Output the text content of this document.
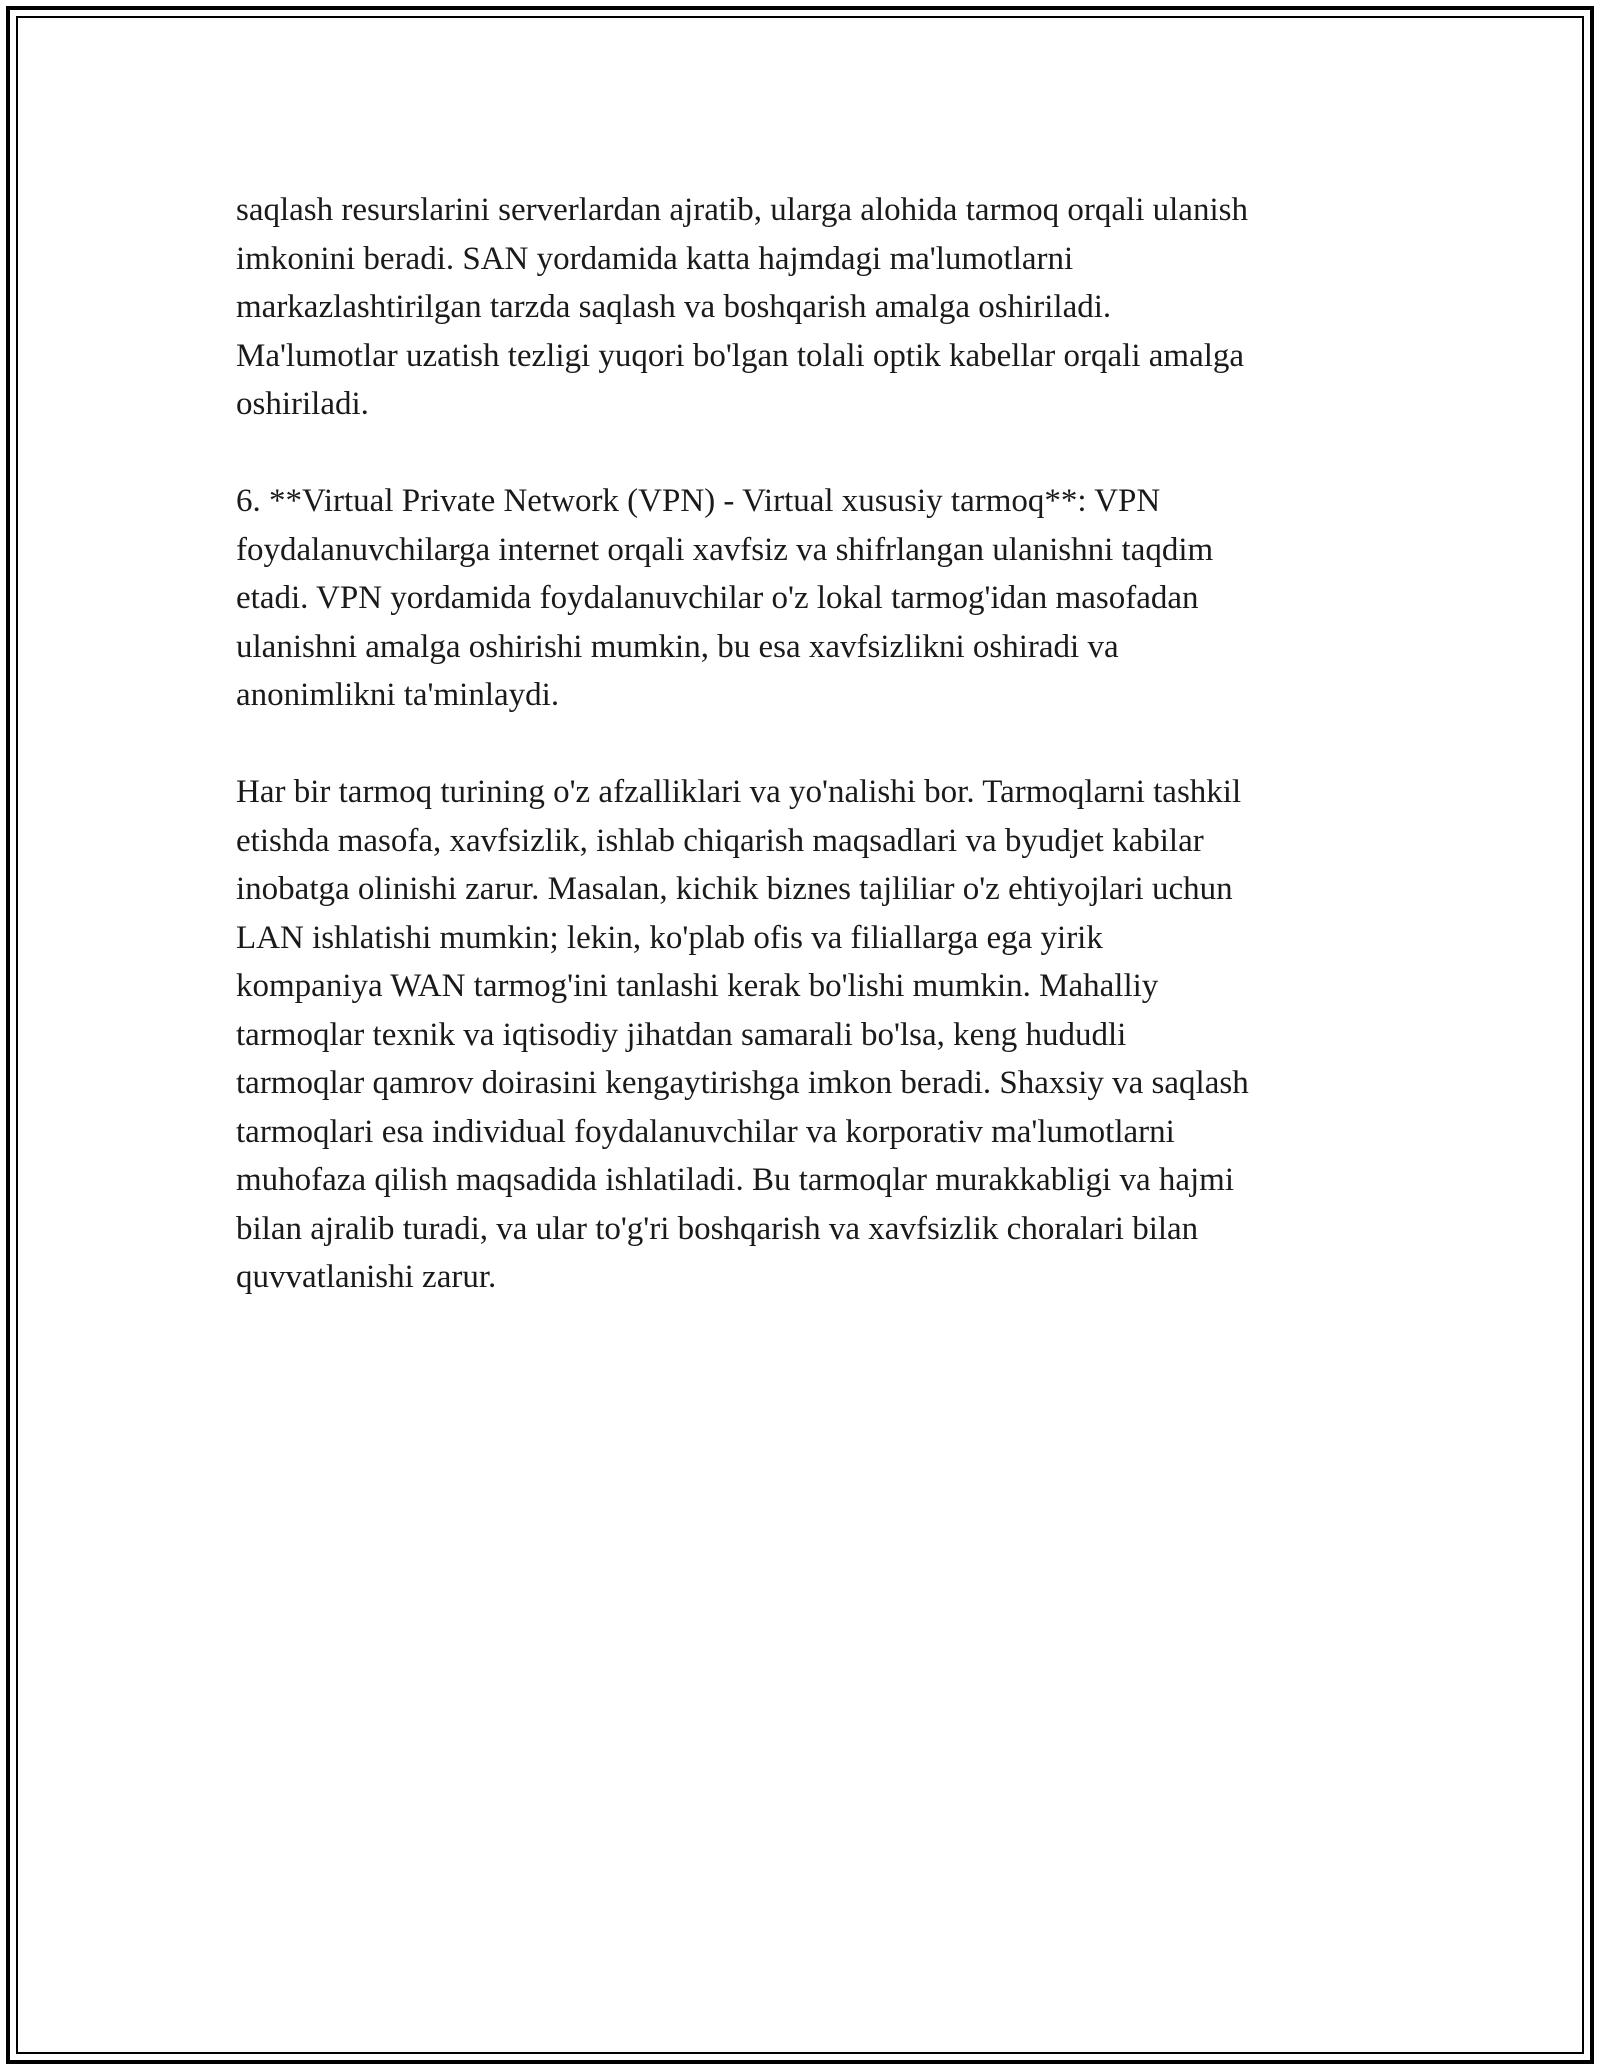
saqlash resurslarini serverlardan ajratib, ularga alohida tarmoq orqali ulanish
imkonini beradi. SAN yordamida katta hajmdagi ma'lumotlarni
markazlashtirilgan tarzda saqlash va boshqarish amalga oshiriladi.
Ma'lumotlar uzatish tezligi yuqori bo'lgan tolali optik kabellar orqali amalga
oshiriladi.

6. **Virtual Private Network (VPN) - Virtual xususiy tarmoq**: VPN
foydalanuvchilarga internet orqali xavfsiz va shifrlangan ulanishni taqdim
etadi. VPN yordamida foydalanuvchilar o'z lokal tarmog'idan masofadan
ulanishni amalga oshirishi mumkin, bu esa xavfsizlikni oshiradi va
anonimlikni ta'minlaydi.

Har bir tarmoq turining o'z afzalliklari va yo'nalishi bor. Tarmoqlarni tashkil
etishda masofa, xavfsizlik, ishlab chiqarish maqsadlari va byudjet kabilar
inobatga olinishi zarur. Masalan, kichik biznes tajliliar o'z ehtiyojlari uchun
LAN ishlatishi mumkin; lekin, ko'plab ofis va filiallarga ega yirik
kompaniya WAN tarmog'ini tanlashi kerak bo'lishi mumkin. Mahalliy
tarmoqlar texnik va iqtisodiy jihatdan samarali bo'lsa, keng hududli
tarmoqlar qamrov doirasini kengaytirishga imkon beradi. Shaxsiy va saqlash
tarmoqlari esa individual foydalanuvchilar va korporativ ma'lumotlarni
muhofaza qilish maqsadida ishlatiladi. Bu tarmoqlar murakkabligi va hajmi
bilan ajralib turadi, va ular to'g'ri boshqarish va xavfsizlik choralari bilan
quvvatlanishi zarur.
